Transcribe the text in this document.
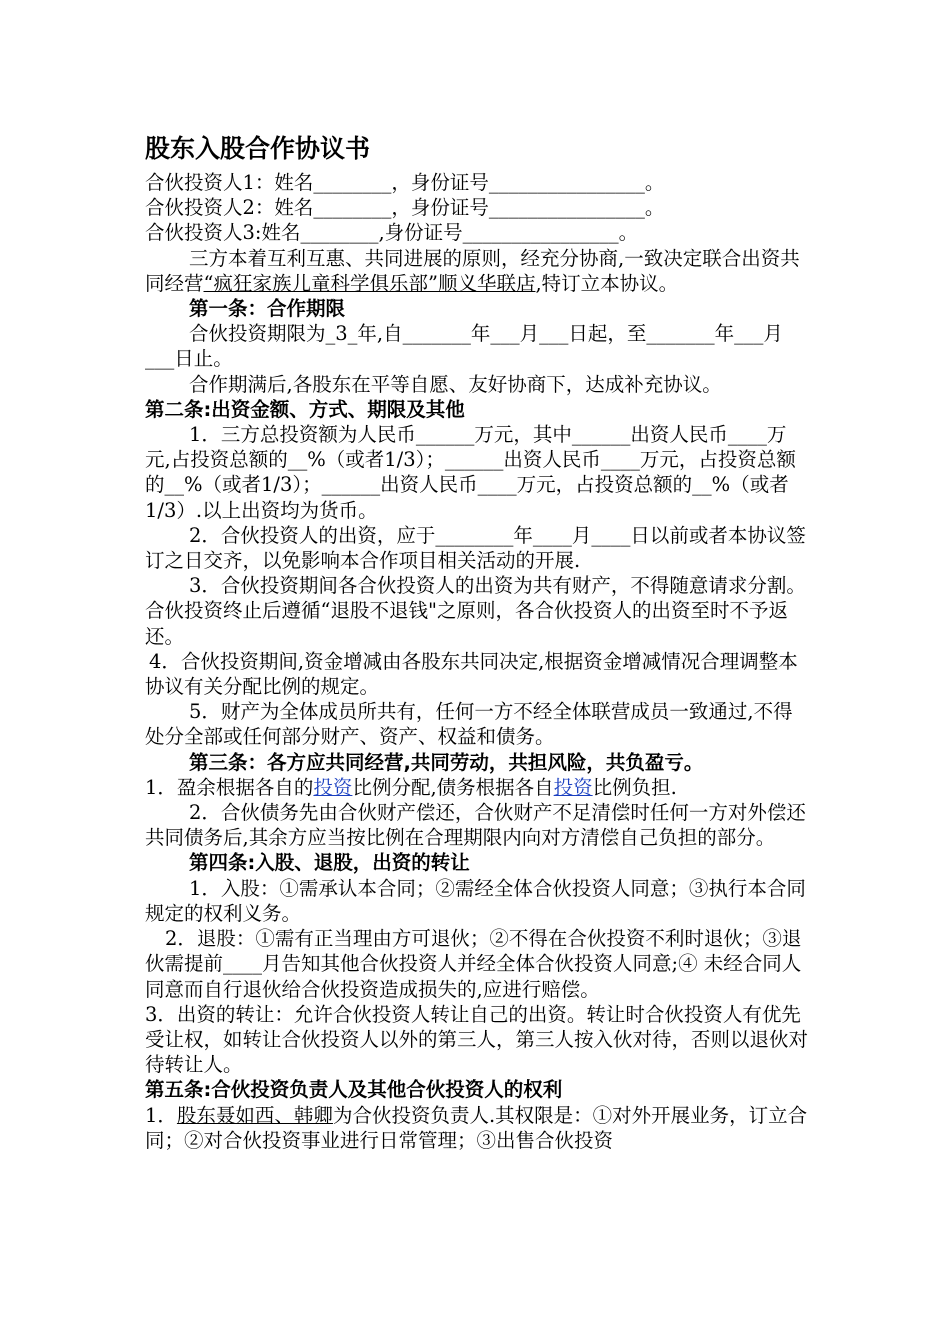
股东入股合作协议书

合伙投资人1：姓名________，身份证号________________。

合伙投资人2：姓名________，身份证号________________。

合伙投资人3:姓名________,身份证号________________。

三方本着互利互惠、共同进展的原则，经充分协商,一致决定联合出资共同经营“疯狂家族儿童科学俱乐部”顺义华联店,特订立本协议。

第一条：合作期限

合伙投资期限为_3_年,自_______年___月___日起，至_______年___月___日止。

合作期满后,各股东在平等自愿、友好协商下，达成补充协议。

第二条:出资金额、方式、期限及其他

1．三方总投资额为人民币______万元，其中______出资人民币____万元,占投资总额的__%（或者1/3）；______出资人民币____万元，占投资总额的__%（或者1/3）；______出资人民币____万元，占投资总额的__%（或者1/3）.以上出资均为货币。

2．合伙投资人的出资，应于________年____月____日以前或者本协议签订之日交齐，以免影响本合作项目相关活动的开展.

3．合伙投资期间各合伙投资人的出资为共有财产，不得随意请求分割。合伙投资终止后遵循“退股不退钱"之原则，各合伙投资人的出资至时不予返还。

4．合伙投资期间,资金增减由各股东共同决定,根据资金增减情况合理调整本协议有关分配比例的规定。

5．财产为全体成员所共有，任何一方不经全体联营成员一致通过,不得处分全部或任何部分财产、资产、权益和债务。

第三条：各方应共同经营,共同劳动，共担风险，共负盈亏。

1．盈余根据各自的投资比例分配,债务根据各自投资比例负担.

2．合伙债务先由合伙财产偿还，合伙财产不足清偿时任何一方对外偿还共同债务后,其余方应当按比例在合理期限内向对方清偿自己负担的部分。

第四条:入股、退股，出资的转让

1．入股：①需承认本合同；②需经全体合伙投资人同意；③执行本合同规定的权利义务。

2．退股：①需有正当理由方可退伙；②不得在合伙投资不利时退伙；③退伙需提前____月告知其他合伙投资人并经全体合伙投资人同意;④ 未经合同人同意而自行退伙给合伙投资造成损失的,应进行赔偿。

3．出资的转让：允许合伙投资人转让自己的出资。转让时合伙投资人有优先受让权，如转让合伙投资人以外的第三人，第三人按入伙对待，否则以退伙对待转让人。

第五条:合伙投资负责人及其他合伙投资人的权利

1．股东聂如西、韩卿为合伙投资负责人.其权限是：①对外开展业务，订立合同；②对合伙投资事业进行日常管理；③出售合伙投资
